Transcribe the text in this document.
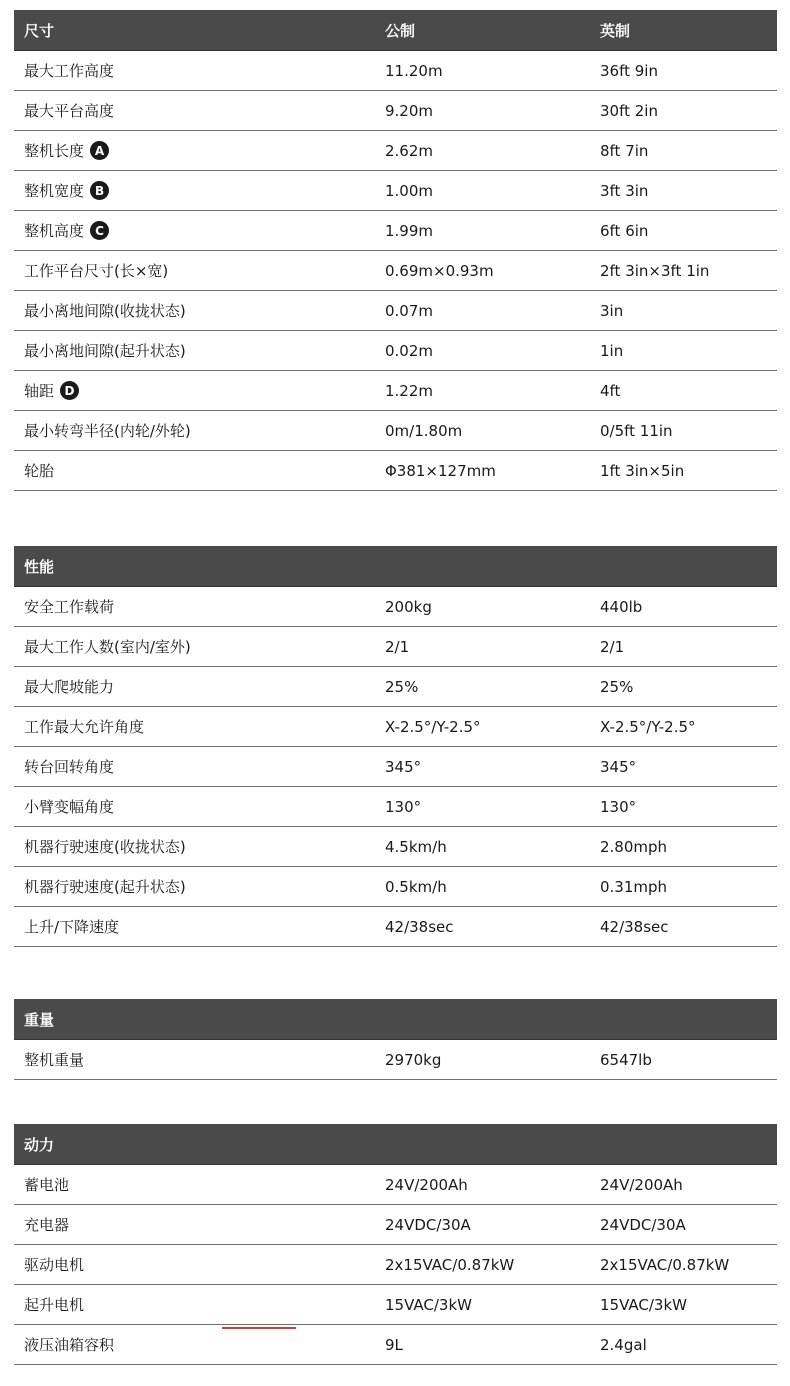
尺寸	公制	英制
最大工作高度	11.20m	36ft 9in
最大平台高度	9.20m	30ft 2in
整机长度 A	2.62m	8ft 7in
整机宽度 B	1.00m	3ft 3in
整机高度 C	1.99m	6ft 6in
工作平台尺寸(长×宽)	0.69m×0.93m	2ft 3in×3ft 1in
最小离地间隙(收拢状态)	0.07m	3in
最小离地间隙(起升状态)	0.02m	1in
轴距 D	1.22m	4ft
最小转弯半径(内轮/外轮)	0m/1.80m	0/5ft 11in
轮胎	Φ381×127mm	1ft 3in×5in
性能
安全工作载荷	200kg	440lb
最大工作人数(室内/室外)	2/1	2/1
最大爬坡能力	25%	25%
工作最大允许角度	X-2.5°/Y-2.5°	X-2.5°/Y-2.5°
转台回转角度	345°	345°
小臂变幅角度	130°	130°
机器行驶速度(收拢状态)	4.5km/h	2.80mph
机器行驶速度(起升状态)	0.5km/h	0.31mph
上升/下降速度	42/38sec	42/38sec
重量
整机重量	2970kg	6547lb
动力
蓄电池	24V/200Ah	24V/200Ah
充电器	24VDC/30A	24VDC/30A
驱动电机	2x15VAC/0.87kW	2x15VAC/0.87kW
起升电机	15VAC/3kW	15VAC/3kW
液压油箱容积	9L	2.4gal
